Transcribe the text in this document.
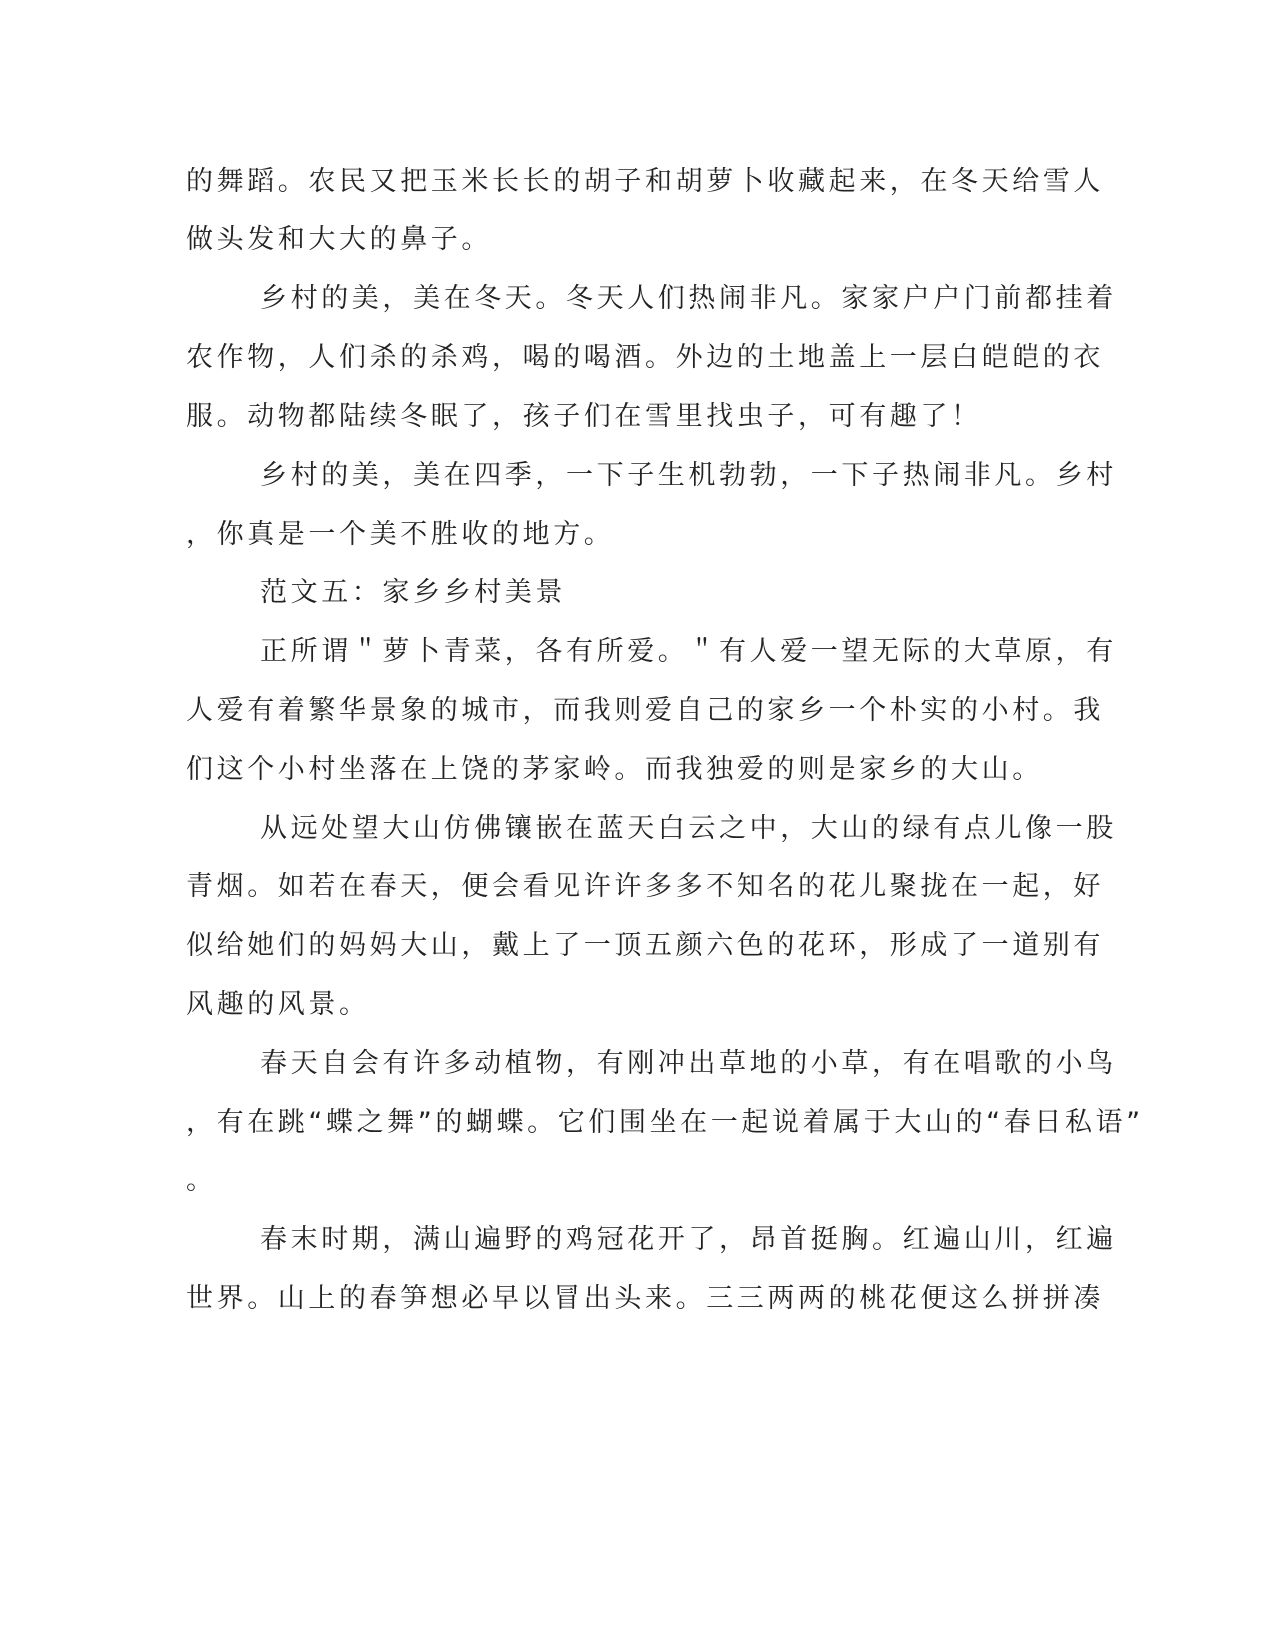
的舞蹈。农民又把玉米长长的胡子和胡萝卜收藏起来，在冬天给雪人
做头发和大大的鼻子。
乡村的美，美在冬天。冬天人们热闹非凡。家家户户门前都挂着
农作物，人们杀的杀鸡，喝的喝酒。外边的土地盖上一层白皑皑的衣
服。动物都陆续冬眠了，孩子们在雪里找虫子，可有趣了！
乡村的美，美在四季，一下子生机勃勃，一下子热闹非凡。乡村
，你真是一个美不胜收的地方。
范文五：家乡乡村美景
正所谓＂萝卜青菜，各有所爱。＂有人爱一望无际的大草原，有
人爱有着繁华景象的城市，而我则爱自己的家乡一个朴实的小村。我
们这个小村坐落在上饶的茅家岭。而我独爱的则是家乡的大山。
从远处望大山仿佛镶嵌在蓝天白云之中，大山的绿有点儿像一股
青烟。如若在春天，便会看见许许多多不知名的花儿聚拢在一起，好
似给她们的妈妈大山，戴上了一顶五颜六色的花环，形成了一道别有
风趣的风景。
春天自会有许多动植物，有刚冲出草地的小草，有在唱歌的小鸟
，有在跳“蝶之舞”的蝴蝶。它们围坐在一起说着属于大山的“春日私语”
。
春末时期，满山遍野的鸡冠花开了，昂首挺胸。红遍山川，红遍
世界。山上的春笋想必早以冒出头来。三三两两的桃花便这么拼拼凑
